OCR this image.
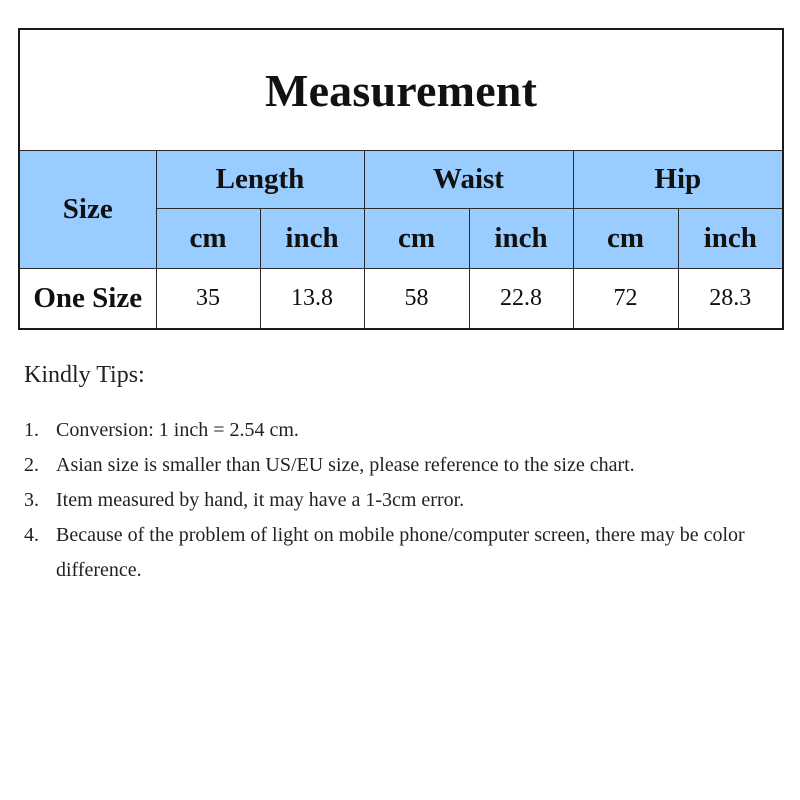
Measurement						
Size	Length		Waist		Hip	
	cm	inch	cm	inch	cm	inch
One Size	35	13.8	58	22.8	72	28.3
Kindly Tips:
1. Conversion: 1 inch = 2.54 cm.
2. Asian size is smaller than US/EU size, please reference to the size chart.
3. Item measured by hand, it may have a 1-3cm error.
4. Because of the problem of light on mobile phone/computer screen, there may be color difference.
